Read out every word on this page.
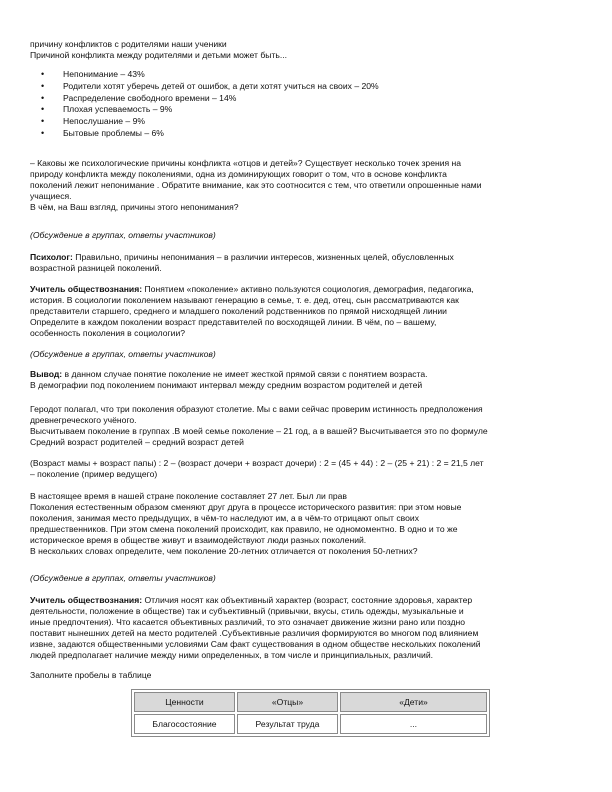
причину конфликтов с родителями наши ученики
Причиной конфликта между родителями и детьми может быть...
• Непонимание – 43%
• Родители хотят уберечь детей от ошибок, а дети хотят учиться на своих – 20%
• Распределение свободного времени – 14%
• Плохая успеваемость – 9%
• Непослушание – 9%
• Бытовые проблемы – 6%
– Каковы же психологические причины конфликта «отцов и детей»? Существует несколько точек зрения на
природу конфликта между поколениями, одна из доминирующих говорит о том, что в основе конфликта
поколений лежит непонимание . Обратите внимание, как это соотносится с тем, что ответили опрошенные нами
учащиеся.
В чём, на Ваш взгляд, причины этого непонимания?
(Обсуждение в группах, ответы участников)
Психолог: Правильно, причины непонимания – в различии интересов, жизненных целей, обусловленных
возрастной разницей поколений.
Учитель обществознания: Понятием «поколение» активно пользуются социология, демография, педагогика,
история. В социологии поколением называют генерацию в семье, т. е. дед, отец, сын рассматриваются как
представители старшего, среднего и младшего поколений родственников по прямой нисходящей линии
Определите в каждом поколении возраст представителей по восходящей линии. В чём, по – вашему,
особенность поколения в социологии?
(Обсуждение в группах, ответы участников)
Вывод: в данном случае понятие поколение не имеет жесткой прямой связи с понятием возраста.
В демографии под поколением понимают интервал между средним возрастом родителей и детей
Геродот полагал, что три поколения образуют столетие. Мы с вами сейчас проверим истинность предположения
древнегреческого учёного.
Высчитываем поколение в группах .В моей семье поколение – 21 год, а в вашей? Высчитывается это по формуле
Средний возраст родителей – средний возраст детей
(Возраст мамы + возраст папы) : 2 – (возраст дочери + возраст дочери) : 2 = (45 + 44) : 2 – (25 + 21) : 2 = 21,5 лет
– поколение (пример ведущего)
В настоящее время в нашей стране поколение составляет 27 лет. Был ли прав
Поколения естественным образом сменяют друг друга в процессе исторического развития: при этом новые
поколения, занимая место предыдущих, в чём-то наследуют им, а в чём-то отрицают опыт своих
предшественников. При этом смена поколений происходит, как правило, не одномоментно. В одно и то же
историческое время в обществе живут и взаимодействуют люди разных поколений.
В нескольких словах определите, чем поколение 20-летних отличается от поколения 50-летних?
(Обсуждение в группах, ответы участников)
Учитель обществознания: Отличия носят как объективный характер (возраст, состояние здоровья, характер
деятельности, положение в обществе) так и субъективный (привычки, вкусы, стиль одежды, музыкальные и
иные предпочтения). Что касается объективных различий, то это означает движение жизни рано или поздно
поставит нынешних детей на место родителей .Субъективные различия формируются во многом под влиянием
извне, задаются общественными условиями Сам факт существования в одном обществе нескольких поколений
людей предполагает наличие между ними определенных, в том числе и принципиальных, различий.
Заполните пробелы в таблице
Ценности	«Отцы»	«Дети»
Благосостояние	Результат труда	...
